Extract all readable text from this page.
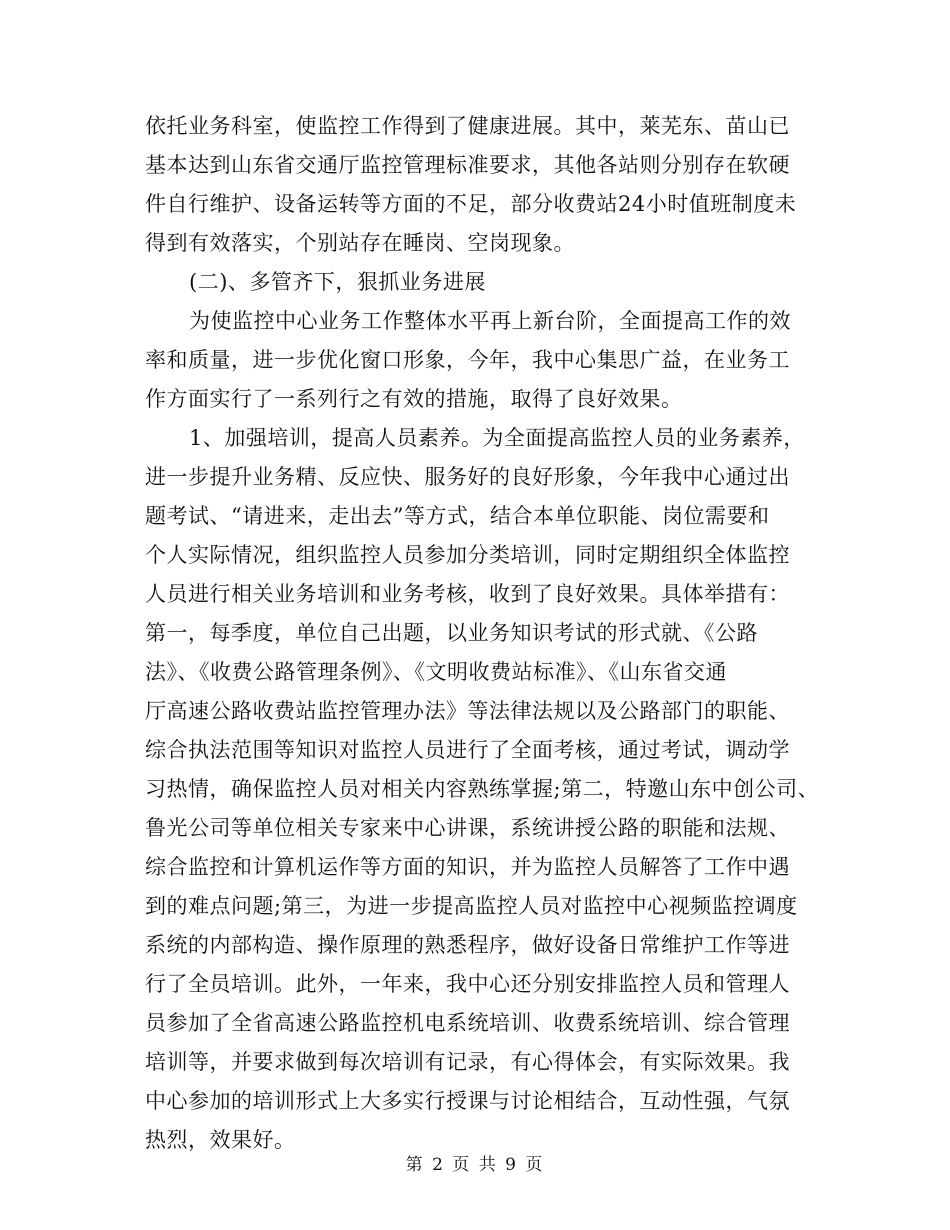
依托业务科室，使监控工作得到了健康进展。其中，莱芜东、苗山已
基本达到山东省交通厅监控管理标准要求，其他各站则分别存在软硬
件自行维护、设备运转等方面的不足，部分收费站24小时值班制度未
得到有效落实，个别站存在睡岗、空岗现象。
(二)、多管齐下，狠抓业务进展
为使监控中心业务工作整体水平再上新台阶，全面提高工作的效
率和质量，进一步优化窗口形象，今年，我中心集思广益，在业务工
作方面实行了一系列行之有效的措施，取得了良好效果。
1、加强培训，提高人员素养。为全面提高监控人员的业务素养，
进一步提升业务精、反应快、服务好的良好形象，今年我中心通过出
题考试、“请进来，走出去”等方式，结合本单位职能、岗位需要和
个人实际情况，组织监控人员参加分类培训，同时定期组织全体监控
人员进行相关业务培训和业务考核，收到了良好效果。具体举措有：
第一，每季度，单位自己出题，以业务知识考试的形式就、《公路
法》、《收费公路管理条例》、《文明收费站标准》、《山东省交通
厅高速公路收费站监控管理办法》等法律法规以及公路部门的职能、
综合执法范围等知识对监控人员进行了全面考核，通过考试，调动学
习热情，确保监控人员对相关内容熟练掌握;第二，特邀山东中创公司、
鲁光公司等单位相关专家来中心讲课，系统讲授公路的职能和法规、
综合监控和计算机运作等方面的知识，并为监控人员解答了工作中遇
到的难点问题;第三，为进一步提高监控人员对监控中心视频监控调度
系统的内部构造、操作原理的熟悉程序，做好设备日常维护工作等进
行了全员培训。此外，一年来，我中心还分别安排监控人员和管理人
员参加了全省高速公路监控机电系统培训、收费系统培训、综合管理
培训等，并要求做到每次培训有记录，有心得体会，有实际效果。我
中心参加的培训形式上大多实行授课与讨论相结合，互动性强，气氛
热烈，效果好。
第 2 页 共 9 页
